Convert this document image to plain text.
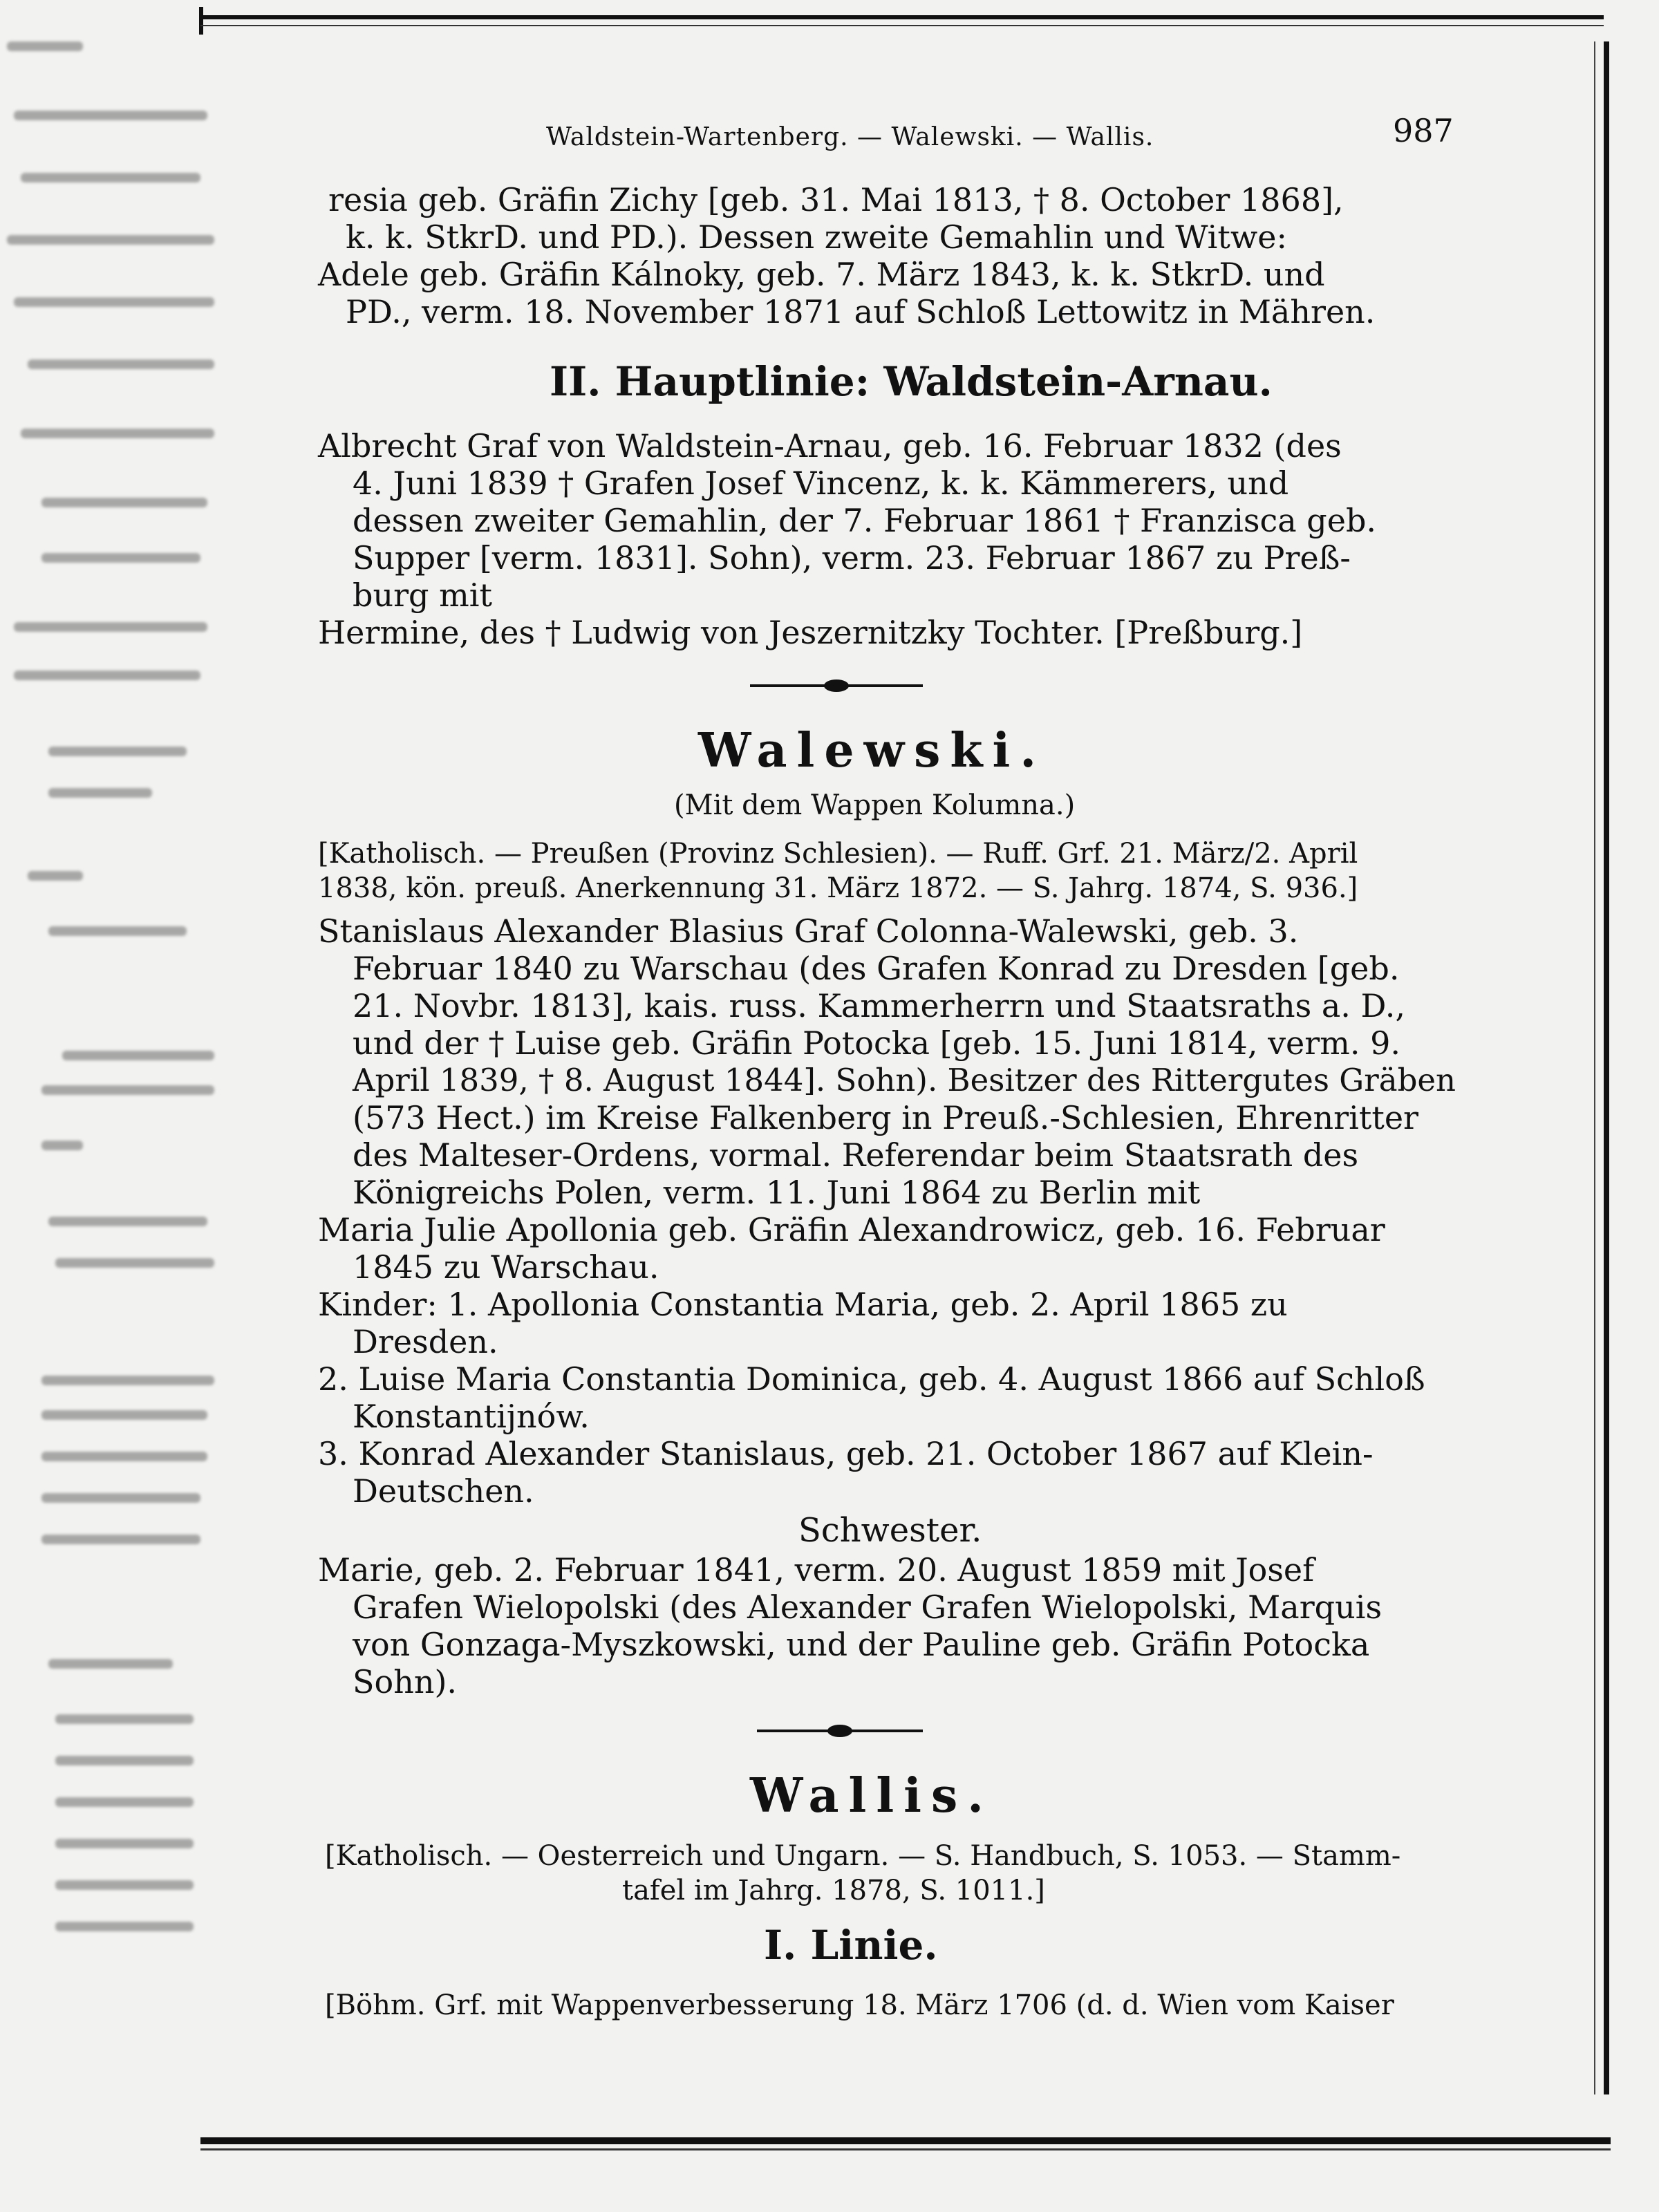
Waldstein-Wartenberg. — Walewski. — Wallis.	987
resia geb. Gräfin Zichy [geb. 31. Mai 1813, † 8. October 1868],
k. k. StkrD. und PD.). Dessen zweite Gemahlin und Witwe:
Adele geb. Gräfin Kálnoky, geb. 7. März 1843, k. k. StkrD. und
PD., verm. 18. November 1871 auf Schloß Lettowitz in Mähren.
II. Hauptlinie: Waldstein-Arnau.
Albrecht Graf von Waldstein-Arnau, geb. 16. Februar 1832 (des
4. Juni 1839 † Grafen Josef Vincenz, k. k. Kämmerers, und
dessen zweiter Gemahlin, der 7. Februar 1861 † Franzisca geb.
Supper [verm. 1831]. Sohn), verm. 23. Februar 1867 zu Preß-
burg mit
Hermine, des † Ludwig von Jeszernitzky Tochter. [Preßburg.]
Walewski.
(Mit dem Wappen Kolumna.)
[Katholisch. — Preußen (Provinz Schlesien). — Ruff. Grf. 21. März/2. April
1838, kön. preuß. Anerkennung 31. März 1872. — S. Jahrg. 1874, S. 936.]
Stanislaus Alexander Blasius Graf Colonna-Walewski, geb. 3.
Februar 1840 zu Warschau (des Grafen Konrad zu Dresden [geb.
21. Novbr. 1813], kais. russ. Kammerherrn und Staatsraths a. D.,
und der † Luise geb. Gräfin Potocka [geb. 15. Juni 1814, verm. 9.
April 1839, † 8. August 1844]. Sohn). Besitzer des Rittergutes Gräben
(573 Hect.) im Kreise Falkenberg in Preuß.-Schlesien, Ehrenritter
des Malteser-Ordens, vormal. Referendar beim Staatsrath des
Königreichs Polen, verm. 11. Juni 1864 zu Berlin mit
Maria Julie Apollonia geb. Gräfin Alexandrowicz, geb. 16. Februar
1845 zu Warschau.
Kinder: 1. Apollonia Constantia Maria, geb. 2. April 1865 zu
Dresden.
2. Luise Maria Constantia Dominica, geb. 4. August 1866 auf Schloß
Konstantijnów.
3. Konrad Alexander Stanislaus, geb. 21. October 1867 auf Klein-
Deutschen.
Schwester.
Marie, geb. 2. Februar 1841, verm. 20. August 1859 mit Josef
Grafen Wielopolski (des Alexander Grafen Wielopolski, Marquis
von Gonzaga-Myszkowski, und der Pauline geb. Gräfin Potocka
Sohn).
Wallis.
[Katholisch. — Oesterreich und Ungarn. — S. Handbuch, S. 1053. — Stamm-
tafel im Jahrg. 1878, S. 1011.]
I. Linie.
[Böhm. Grf. mit Wappenverbesserung 18. März 1706 (d. d. Wien vom Kaiser
